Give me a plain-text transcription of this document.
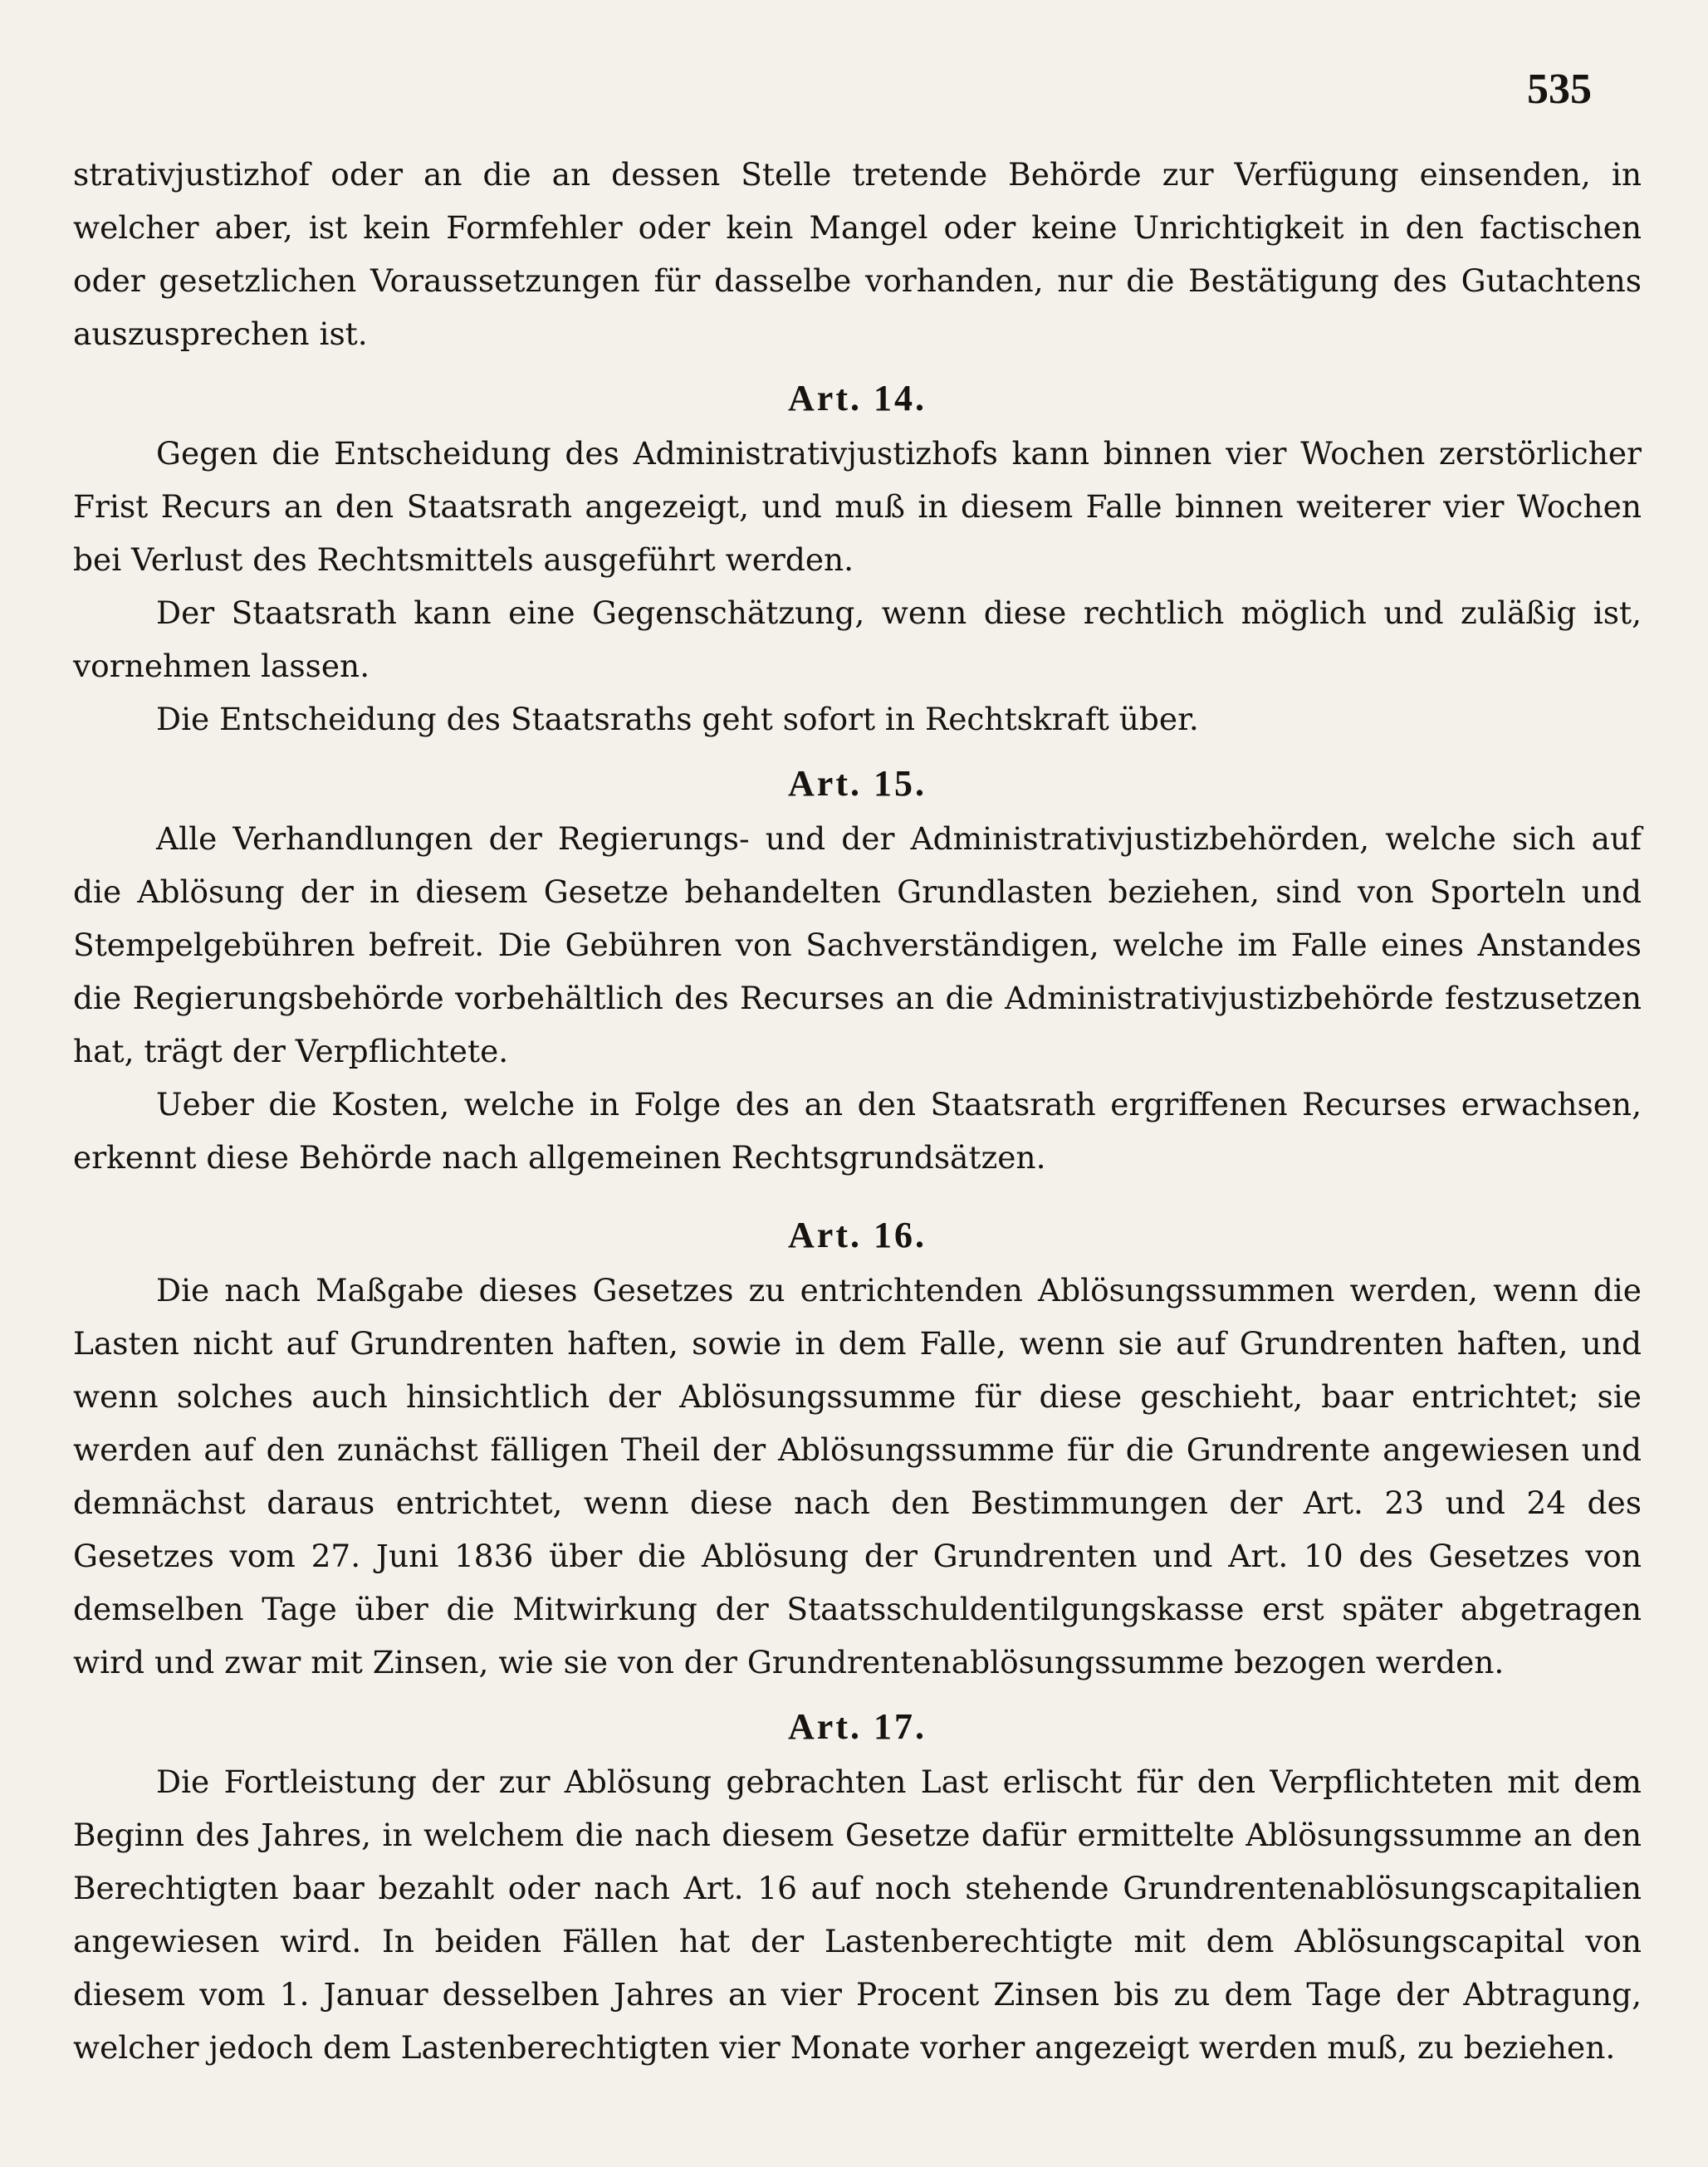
535

strativjustizhof oder an die an dessen Stelle tretende Behörde zur Verfügung einsenden, in welcher aber, ist kein Formfehler oder kein Mangel oder keine Unrichtigkeit in den factischen oder gesetzlichen Voraussetzungen für dasselbe vorhanden, nur die Bestätigung des Gutachtens auszusprechen ist.

Art. 14.

Gegen die Entscheidung des Administrativjustizhofs kann binnen vier Wochen zerstörlicher Frist Recurs an den Staatsrath angezeigt, und muß in diesem Falle binnen weiterer vier Wochen bei Verlust des Rechtsmittels ausgeführt werden.

Der Staatsrath kann eine Gegenschätzung, wenn diese rechtlich möglich und zuläßig ist, vornehmen lassen.

Die Entscheidung des Staatsraths geht sofort in Rechtskraft über.

Art. 15.

Alle Verhandlungen der Regierungs- und der Administrativjustizbehörden, welche sich auf die Ablösung der in diesem Gesetze behandelten Grundlasten beziehen, sind von Sporteln und Stempelgebühren befreit. Die Gebühren von Sachverständigen, welche im Falle eines Anstandes die Regierungsbehörde vorbehältlich des Recurses an die Administrativjustizbehörde festzusetzen hat, trägt der Verpflichtete.

Ueber die Kosten, welche in Folge des an den Staatsrath ergriffenen Recurses erwachsen, erkennt diese Behörde nach allgemeinen Rechtsgrundsätzen.

Art. 16.

Die nach Maßgabe dieses Gesetzes zu entrichtenden Ablösungssummen werden, wenn die Lasten nicht auf Grundrenten haften, sowie in dem Falle, wenn sie auf Grundrenten haften, und wenn solches auch hinsichtlich der Ablösungssumme für diese geschieht, baar entrichtet; sie werden auf den zunächst fälligen Theil der Ablösungssumme für die Grundrente angewiesen und demnächst daraus entrichtet, wenn diese nach den Bestimmungen der Art. 23 und 24 des Gesetzes vom 27. Juni 1836 über die Ablösung der Grundrenten und Art. 10 des Gesetzes von demselben Tage über die Mitwirkung der Staatsschuldentilgungskasse erst später abgetragen wird und zwar mit Zinsen, wie sie von der Grundrentenablösungssumme bezogen werden.

Art. 17.

Die Fortleistung der zur Ablösung gebrachten Last erlischt für den Verpflichteten mit dem Beginn des Jahres, in welchem die nach diesem Gesetze dafür ermittelte Ablösungssumme an den Berechtigten baar bezahlt oder nach Art. 16 auf noch stehende Grundrentenablösungscapitalien angewiesen wird. In beiden Fällen hat der Lastenberechtigte mit dem Ablösungscapital von diesem vom 1. Januar desselben Jahres an vier Procent Zinsen bis zu dem Tage der Abtragung, welcher jedoch dem Lastenberechtigten vier Monate vorher angezeigt werden muß, zu beziehen.
